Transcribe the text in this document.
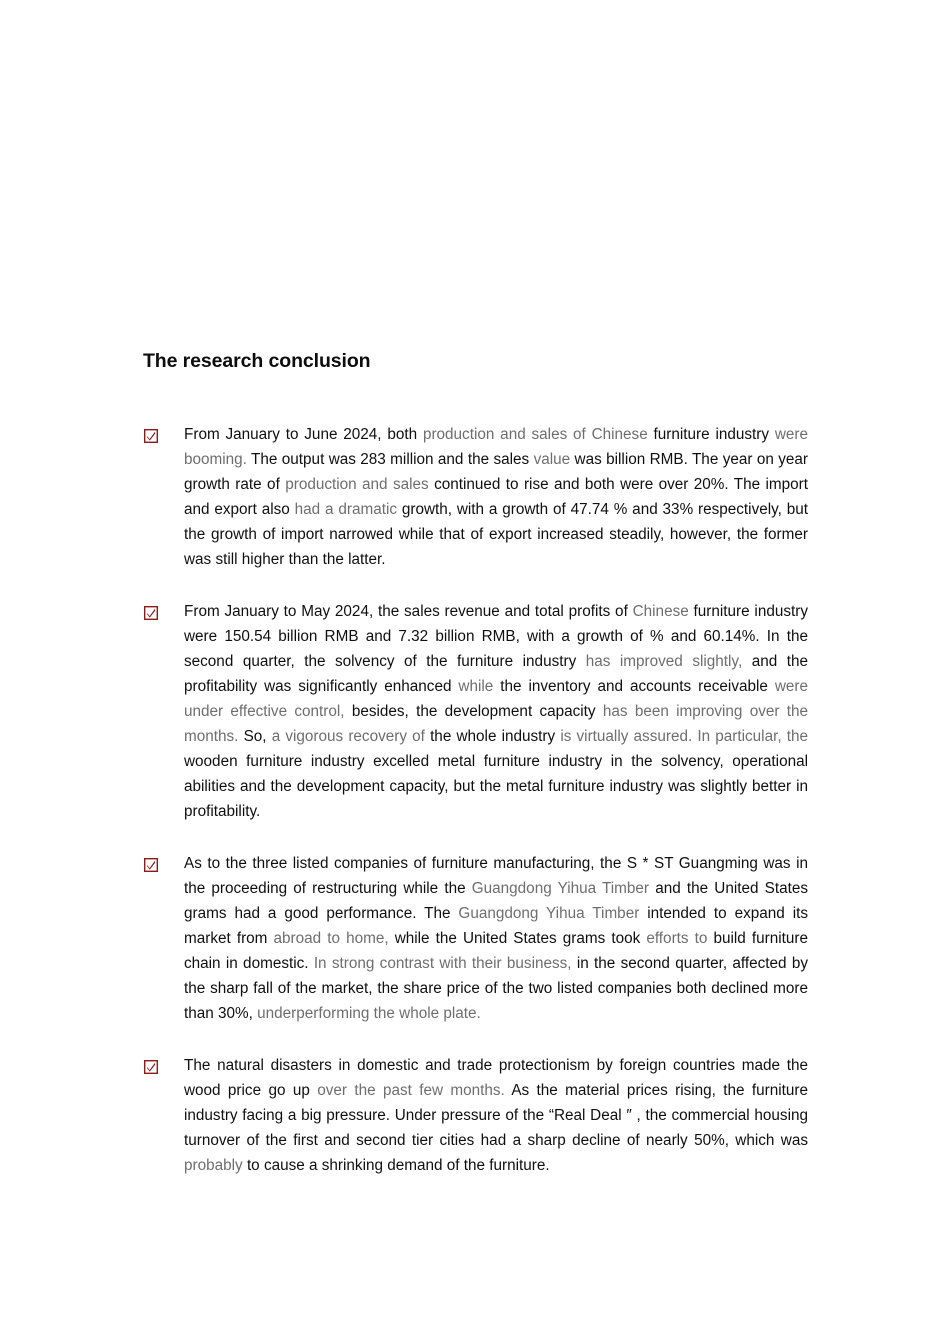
The research conclusion

From January to June 2024, both production and sales of Chinese furniture industry were booming. The output was 283 million and the sales value was billion RMB. The year on year growth rate of production and sales continued to rise and both were over 20%. The import and export also had a dramatic growth, with a growth of 47.74 % and 33% respectively, but the growth of import narrowed while that of export increased steadily, however, the former was still higher than the latter.

From January to May 2024, the sales revenue and total profits of Chinese furniture industry were 150.54 billion RMB and 7.32 billion RMB, with a growth of % and 60.14%. In the second quarter, the solvency of the furniture industry has improved slightly, and the profitability was significantly enhanced while the inventory and accounts receivable were under effective control, besides, the development capacity has been improving over the months. So, a vigorous recovery of the whole industry is virtually assured. In particular, the wooden furniture industry excelled metal furniture industry in the solvency, operational abilities and the development capacity, but the metal furniture industry was slightly better in profitability.

As to the three listed companies of furniture manufacturing, the S * ST Guangming was in the proceeding of restructuring while the Guangdong Yihua Timber and the United States grams had a good performance. The Guangdong Yihua Timber intended to expand its market from abroad to home, while the United States grams took efforts to build furniture chain in domestic. In strong contrast with their business, in the second quarter, affected by the sharp fall of the market, the share price of the two listed companies both declined more than 30%, underperforming the whole plate.

The natural disasters in domestic and trade protectionism by foreign countries made the wood price go up over the past few months. As the material prices rising, the furniture industry facing a big pressure. Under pressure of the “Real Deal ″ , the commercial housing turnover of the first and second tier cities had a sharp decline of nearly 50%, which was probably to cause a shrinking demand of the furniture.
